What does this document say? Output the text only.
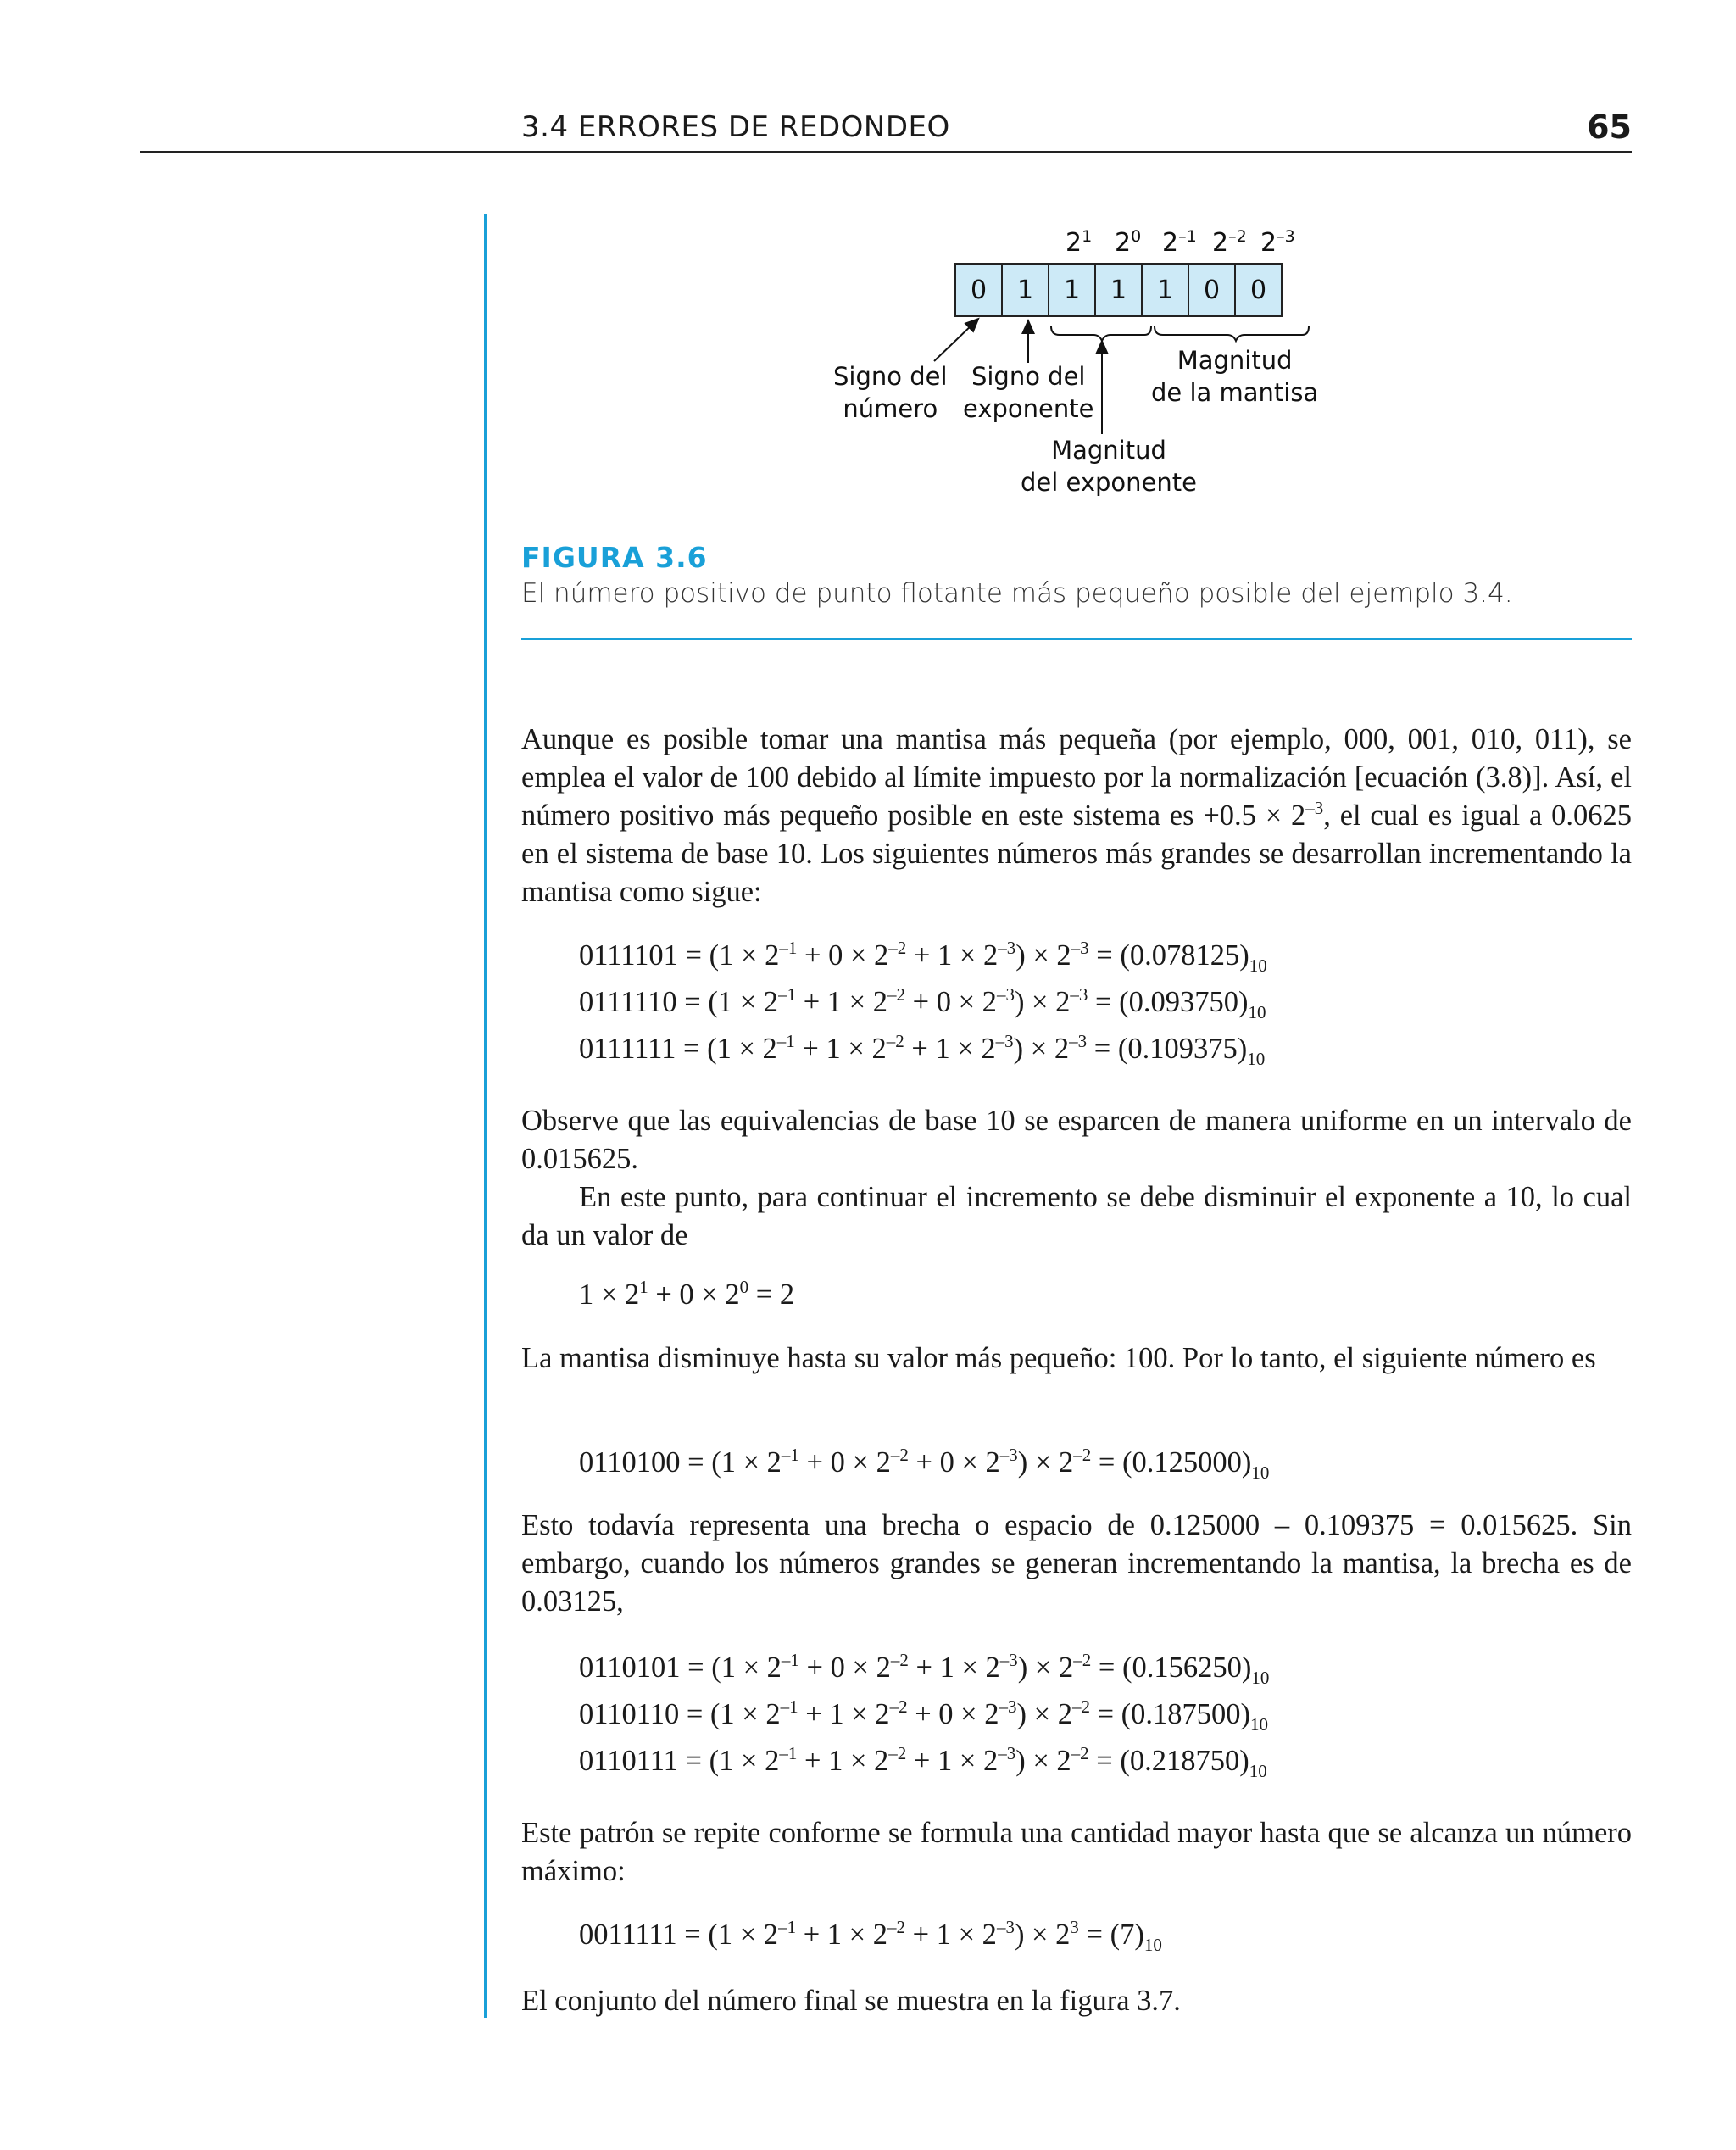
3.4 ERRORES DE REDONDEO	65
$2^1$ $2^0$ $2^{-1}$ $2^{-2}$ $2^{-3}$
0	1	1	1	1	0	0
Signo del
número
Signo del
exponente
Magnitud
de la mantisa
Magnitud
del exponente
FIGURA 3.6
El número positivo de punto flotante más pequeño posible del ejemplo 3.4.
Aunque es posible tomar una mantisa más pequeña (por ejemplo, 000, 001, 010, 011), se emplea el valor de 100 debido al límite impuesto por la normalización [ecuación (3.8)]. Así, el número positivo más pequeño posible en este sistema es $+0.5 \times 2^{-3}$, el cual es igual a 0.0625 en el sistema de base 10. Los siguientes números más grandes se desarrollan incrementando la mantisa como sigue:
$0111101 = (1 \times 2^{-1} + 0 \times 2^{-2} + 1 \times 2^{-3}) \times 2^{-3} = (0.078125)_{10}$
$0111110 = (1 \times 2^{-1} + 1 \times 2^{-2} + 0 \times 2^{-3}) \times 2^{-3} = (0.093750)_{10}$
$0111111 = (1 \times 2^{-1} + 1 \times 2^{-2} + 1 \times 2^{-3}) \times 2^{-3} = (0.109375)_{10}$
Observe que las equivalencias de base 10 se esparcen de manera uniforme en un intervalo de 0.015625.
En este punto, para continuar el incremento se debe disminuir el exponente a 10, lo cual da un valor de
$1 \times 2^1 + 0 \times 2^0 = 2$
La mantisa disminuye hasta su valor más pequeño: 100. Por lo tanto, el siguiente número es
$0110100 = (1 \times 2^{-1} + 0 \times 2^{-2} + 0 \times 2^{-3}) \times 2^{-2} = (0.125000)_{10}$
Esto todavía representa una brecha o espacio de 0.125000 – 0.109375 = 0.015625. Sin embargo, cuando los números grandes se generan incrementando la mantisa, la brecha es de 0.03125,
$0110101 = (1 \times 2^{-1} + 0 \times 2^{-2} + 1 \times 2^{-3}) \times 2^{-2} = (0.156250)_{10}$
$0110110 = (1 \times 2^{-1} + 1 \times 2^{-2} + 0 \times 2^{-3}) \times 2^{-2} = (0.187500)_{10}$
$0110111 = (1 \times 2^{-1} + 1 \times 2^{-2} + 1 \times 2^{-3}) \times 2^{-2} = (0.218750)_{10}$
Este patrón se repite conforme se formula una cantidad mayor hasta que se alcanza un número máximo:
$0011111 = (1 \times 2^{-1} + 1 \times 2^{-2} + 1 \times 2^{-3}) \times 2^3 = (7)_{10}$
El conjunto del número final se muestra en la figura 3.7.
